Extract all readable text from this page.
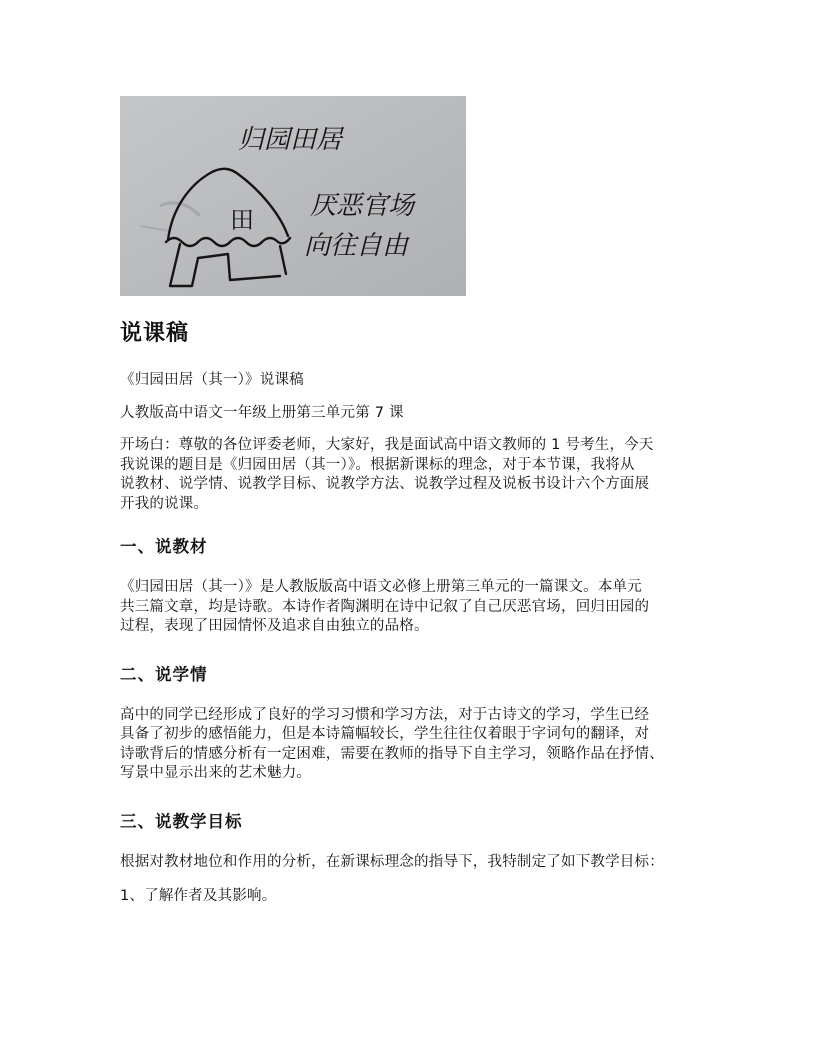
归园田居
田 厌恶官场
向往自由
说课稿

《归园田居（其一）》说课稿

人教版高中语文一年级上册第三单元第 7 课

开场白：尊敬的各位评委老师，大家好，我是面试高中语文教师的 1 号考生，今天
我说课的题目是《归园田居（其一）》。根据新课标的理念，对于本节课，我将从
说教材、说学情、说教学目标、说教学方法、说教学过程及说板书设计六个方面展
开我的说课。

一、说教材

《归园田居（其一）》是人教版版高中语文必修上册第三单元的一篇课文。本单元
共三篇文章，均是诗歌。本诗作者陶渊明在诗中记叙了自己厌恶官场，回归田园的
过程，表现了田园情怀及追求自由独立的品格。

二、说学情

高中的同学已经形成了良好的学习习惯和学习方法，对于古诗文的学习，学生已经
具备了初步的感悟能力，但是本诗篇幅较长，学生往往仅着眼于字词句的翻译，对
诗歌背后的情感分析有一定困难，需要在教师的指导下自主学习，领略作品在抒情、
写景中显示出来的艺术魅力。

三、说教学目标

根据对教材地位和作用的分析，在新课标理念的指导下，我特制定了如下教学目标：

1、了解作者及其影响。
